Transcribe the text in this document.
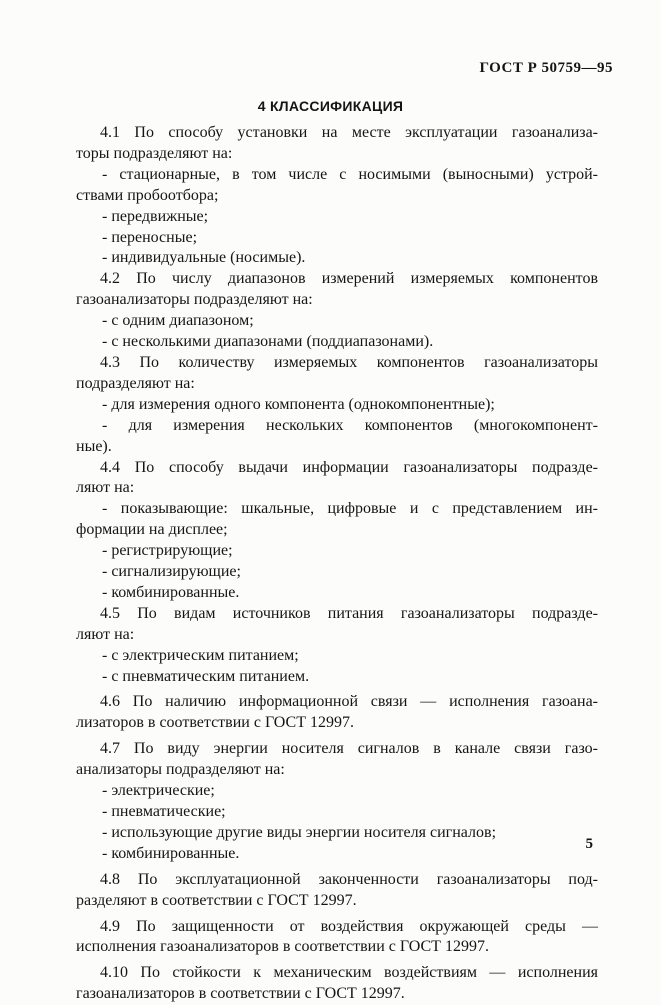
ГОСТ Р 50759—95
4 КЛАССИФИКАЦИЯ
4.1 По способу установки на месте эксплуатации газоанализа-
торы подразделяют на:
- стационарные, в том числе с носимыми (выносными) устрой-
ствами пробоотбора;
- передвижные;
- переносные;
- индивидуальные (носимые).
4.2 По числу диапазонов измерений измеряемых компонентов
газоанализаторы подразделяют на:
- с одним диапазоном;
- с несколькими диапазонами (поддиапазонами).
4.3 По количеству измеряемых компонентов газоанализаторы
подразделяют на:
- для измерения одного компонента (однокомпонентные);
- для измерения нескольких компонентов (многокомпонент-
ные).
4.4 По способу выдачи информации газоанализаторы подразде-
ляют на:
- показывающие: шкальные, цифровые и с представлением ин-
формации на дисплее;
- регистрирующие;
- сигнализирующие;
- комбинированные.
4.5 По видам источников питания газоанализаторы подразде-
ляют на:
- с электрическим питанием;
- с пневматическим питанием.
4.6 По наличию информационной связи — исполнения газоана-
лизаторов в соответствии с ГОСТ 12997.
4.7 По виду энергии носителя сигналов в канале связи газо-
анализаторы подразделяют на:
- электрические;
- пневматические;
- использующие другие виды энергии носителя сигналов;
- комбинированные.
4.8 По эксплуатационной законченности газоанализаторы под-
разделяют в соответствии с ГОСТ 12997.
4.9 По защищенности от воздействия окружающей среды —
исполнения газоанализаторов в соответствии с ГОСТ 12997.
4.10 По стойкости к механическим воздействиям — исполнения
газоанализаторов в соответствии с ГОСТ 12997.
5
